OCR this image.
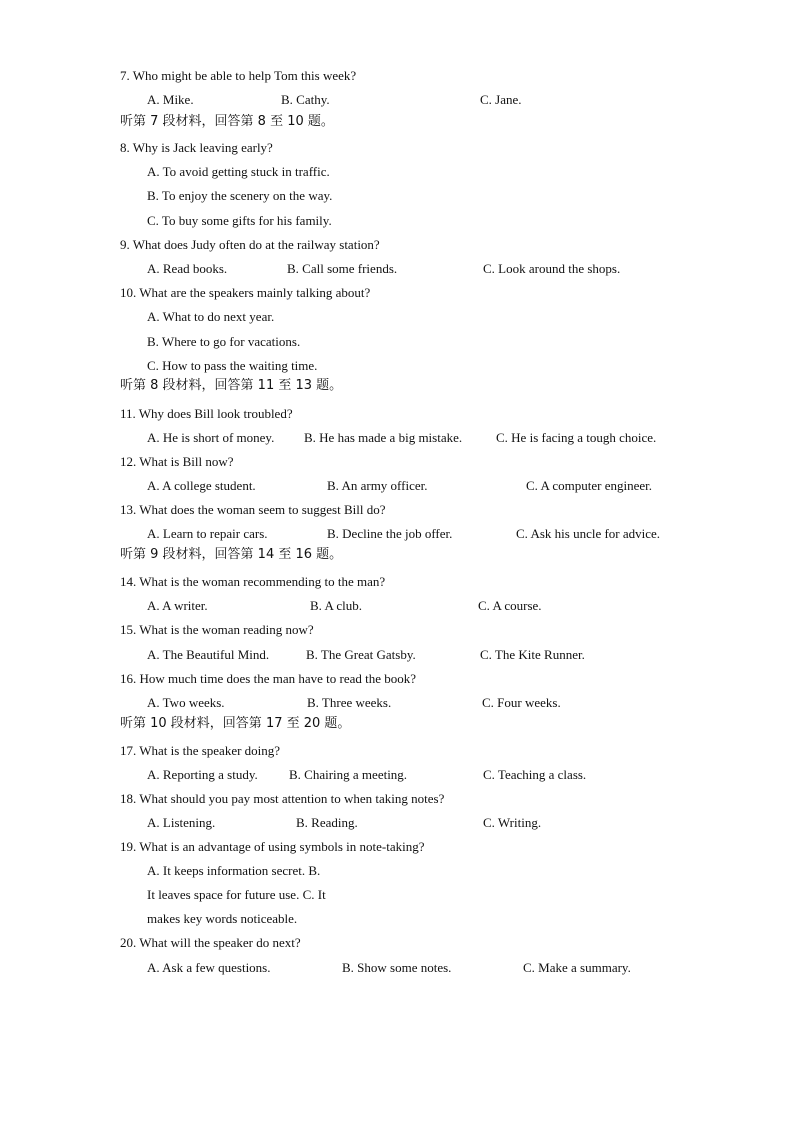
7. Who might be able to help Tom this week?
A. Mike.	B. Cathy.	C. Jane.
听第 7 段材料，回答第 8 至 10 题。
8. Why is Jack leaving early?
A. To avoid getting stuck in traffic.
B. To enjoy the scenery on the way.
C. To buy some gifts for his family.
9. What does Judy often do at the railway station?
A. Read books.	B. Call some friends.	C. Look around the shops.
10. What are the speakers mainly talking about?
A. What to do next year.
B. Where to go for vacations.
C. How to pass the waiting time.
听第 8 段材料，回答第 11 至 13 题。
11. Why does Bill look troubled?
A. He is short of money. B. He has made a big mistake.	C. He is facing a tough choice.
12. What is Bill now?
A. A college student.	B. An army officer.	C. A computer engineer.
13. What does the woman seem to suggest Bill do?
A. Learn to repair cars.	B. Decline the job offer.	C. Ask his uncle for advice.
听第 9 段材料，回答第 14 至 16 题。
14. What is the woman recommending to the man?
A. A writer.	B. A club.	C. A course.
15. What is the woman reading now?
A. The Beautiful Mind.	B. The Great Gatsby.	C. The Kite Runner.
16. How much time does the man have to read the book?
A. Two weeks.	B. Three weeks.	C. Four weeks.
听第 10 段材料，回答第 17 至 20 题。
17. What is the speaker doing?
A. Reporting a study. B. Chairing a meeting.	C. Teaching a class.
18. What should you pay most attention to when taking notes?
A. Listening.	B. Reading.	C. Writing.
19. What is an advantage of using symbols in note-taking?
A. It keeps information secret. B.
It leaves space for future use. C. It
makes key words noticeable.
20. What will the speaker do next?
A. Ask a few questions.	B. Show some notes.	C. Make a summary.
